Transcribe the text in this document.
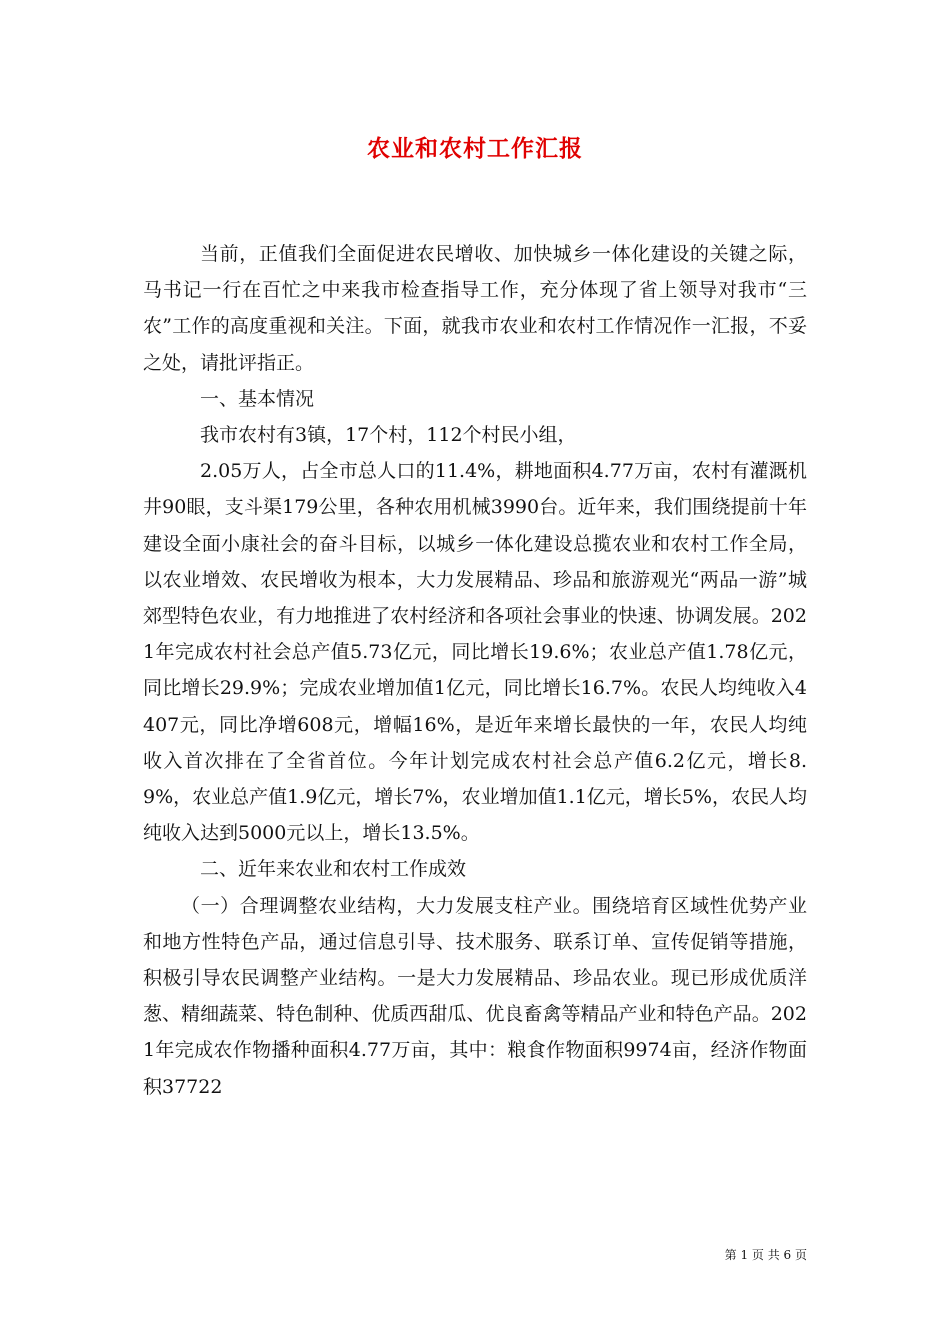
农业和农村工作汇报

当前，正值我们全面促进农民增收、加快城乡一体化建设的关键之际，马书记一行在百忙之中来我市检查指导工作，充分体现了省上领导对我市“三农”工作的高度重视和关注。下面，就我市农业和农村工作情况作一汇报，不妥之处，请批评指正。

一、基本情况

我市农村有3镇，17个村，112个村民小组，

2.05万人，占全市总人口的11.4%，耕地面积4.77万亩，农村有灌溉机井90眼，支斗渠179公里，各种农用机械3990台。近年来，我们围绕提前十年建设全面小康社会的奋斗目标，以城乡一体化建设总揽农业和农村工作全局，以农业增效、农民增收为根本，大力发展精品、珍品和旅游观光“两品一游”城郊型特色农业，有力地推进了农村经济和各项社会事业的快速、协调发展。2021年完成农村社会总产值5.73亿元，同比增长19.6%；农业总产值1.78亿元，同比增长29.9%；完成农业增加值1亿元，同比增长16.7%。农民人均纯收入4407元，同比净增608元，增幅16%，是近年来增长最快的一年，农民人均纯收入首次排在了全省首位。今年计划完成农村社会总产值6.2亿元，增长8.9%，农业总产值1.9亿元，增长7%，农业增加值1.1亿元，增长5%，农民人均纯收入达到5000元以上，增长13.5%。

二、近年来农业和农村工作成效

（一）合理调整农业结构，大力发展支柱产业。围绕培育区域性优势产业和地方性特色产品，通过信息引导、技术服务、联系订单、宣传促销等措施，积极引导农民调整产业结构。一是大力发展精品、珍品农业。现已形成优质洋葱、精细蔬菜、特色制种、优质西甜瓜、优良畜禽等精品产业和特色产品。2021年完成农作物播种面积4.77万亩，其中：粮食作物面积9974亩，经济作物面积37722

第 1 页 共 6 页
